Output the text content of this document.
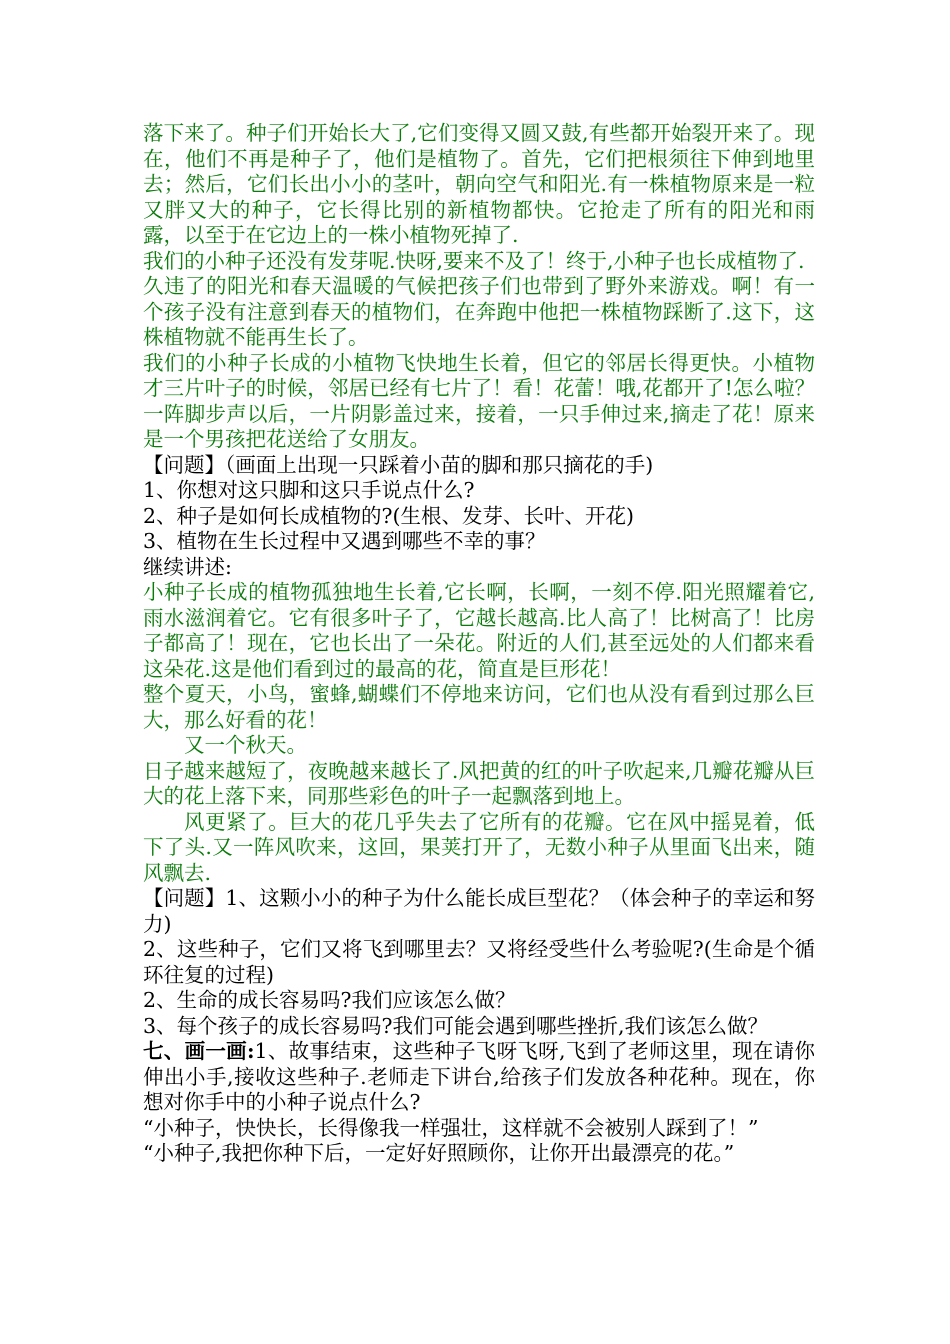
落下来了。种子们开始长大了,它们变得又圆又鼓,有些都开始裂开来了。现在，他们不再是种子了，他们是植物了。首先，它们把根须往下伸到地里去；然后，它们长出小小的茎叶，朝向空气和阳光.有一株植物原来是一粒又胖又大的种子，它长得比别的新植物都快。它抢走了所有的阳光和雨露，以至于在它边上的一株小植物死掉了.

我们的小种子还没有发芽呢.快呀,要来不及了！终于,小种子也长成植物了.

久违了的阳光和春天温暖的气候把孩子们也带到了野外来游戏。啊！有一个孩子没有注意到春天的植物们，在奔跑中他把一株植物踩断了.这下，这株植物就不能再生长了。

我们的小种子长成的小植物飞快地生长着，但它的邻居长得更快。小植物才三片叶子的时候，邻居已经有七片了！看！花蕾！哦,花都开了!怎么啦？一阵脚步声以后，一片阴影盖过来，接着，一只手伸过来,摘走了花！原来是一个男孩把花送给了女朋友。

【问题】（画面上出现一只踩着小苗的脚和那只摘花的手)

1、你想对这只脚和这只手说点什么?

2、种子是如何长成植物的?(生根、发芽、长叶、开花)

3、植物在生长过程中又遇到哪些不幸的事？

继续讲述:

小种子长成的植物孤独地生长着,它长啊，长啊，一刻不停.阳光照耀着它,雨水滋润着它。它有很多叶子了，它越长越高.比人高了！比树高了！比房子都高了！现在，它也长出了一朵花。附近的人们,甚至远处的人们都来看这朵花.这是他们看到过的最高的花，简直是巨形花！

整个夏天，小鸟，蜜蜂,蝴蝶们不停地来访问，它们也从没有看到过那么巨大，那么好看的花！

又一个秋天。

日子越来越短了，夜晚越来越长了.风把黄的红的叶子吹起来,几瓣花瓣从巨大的花上落下来，同那些彩色的叶子一起飘落到地上。

风更紧了。巨大的花几乎失去了它所有的花瓣。它在风中摇晃着，低下了头.又一阵风吹来，这回，果荚打开了，无数小种子从里面飞出来，随风飘去.

【问题】1、这颗小小的种子为什么能长成巨型花？（体会种子的幸运和努力)

2、这些种子，它们又将飞到哪里去？又将经受些什么考验呢?(生命是个循环往复的过程)

2、生命的成长容易吗?我们应该怎么做？

3、每个孩子的成长容易吗?我们可能会遇到哪些挫折,我们该怎么做？

七、画一画:1、故事结束，这些种子飞呀飞呀,飞到了老师这里，现在请你伸出小手,接收这些种子.老师走下讲台,给孩子们发放各种花种。现在，你想对你手中的小种子说点什么?

“小种子，快快长，长得像我一样强壮，这样就不会被别人踩到了！”

“小种子,我把你种下后，一定好好照顾你，让你开出最漂亮的花。”
